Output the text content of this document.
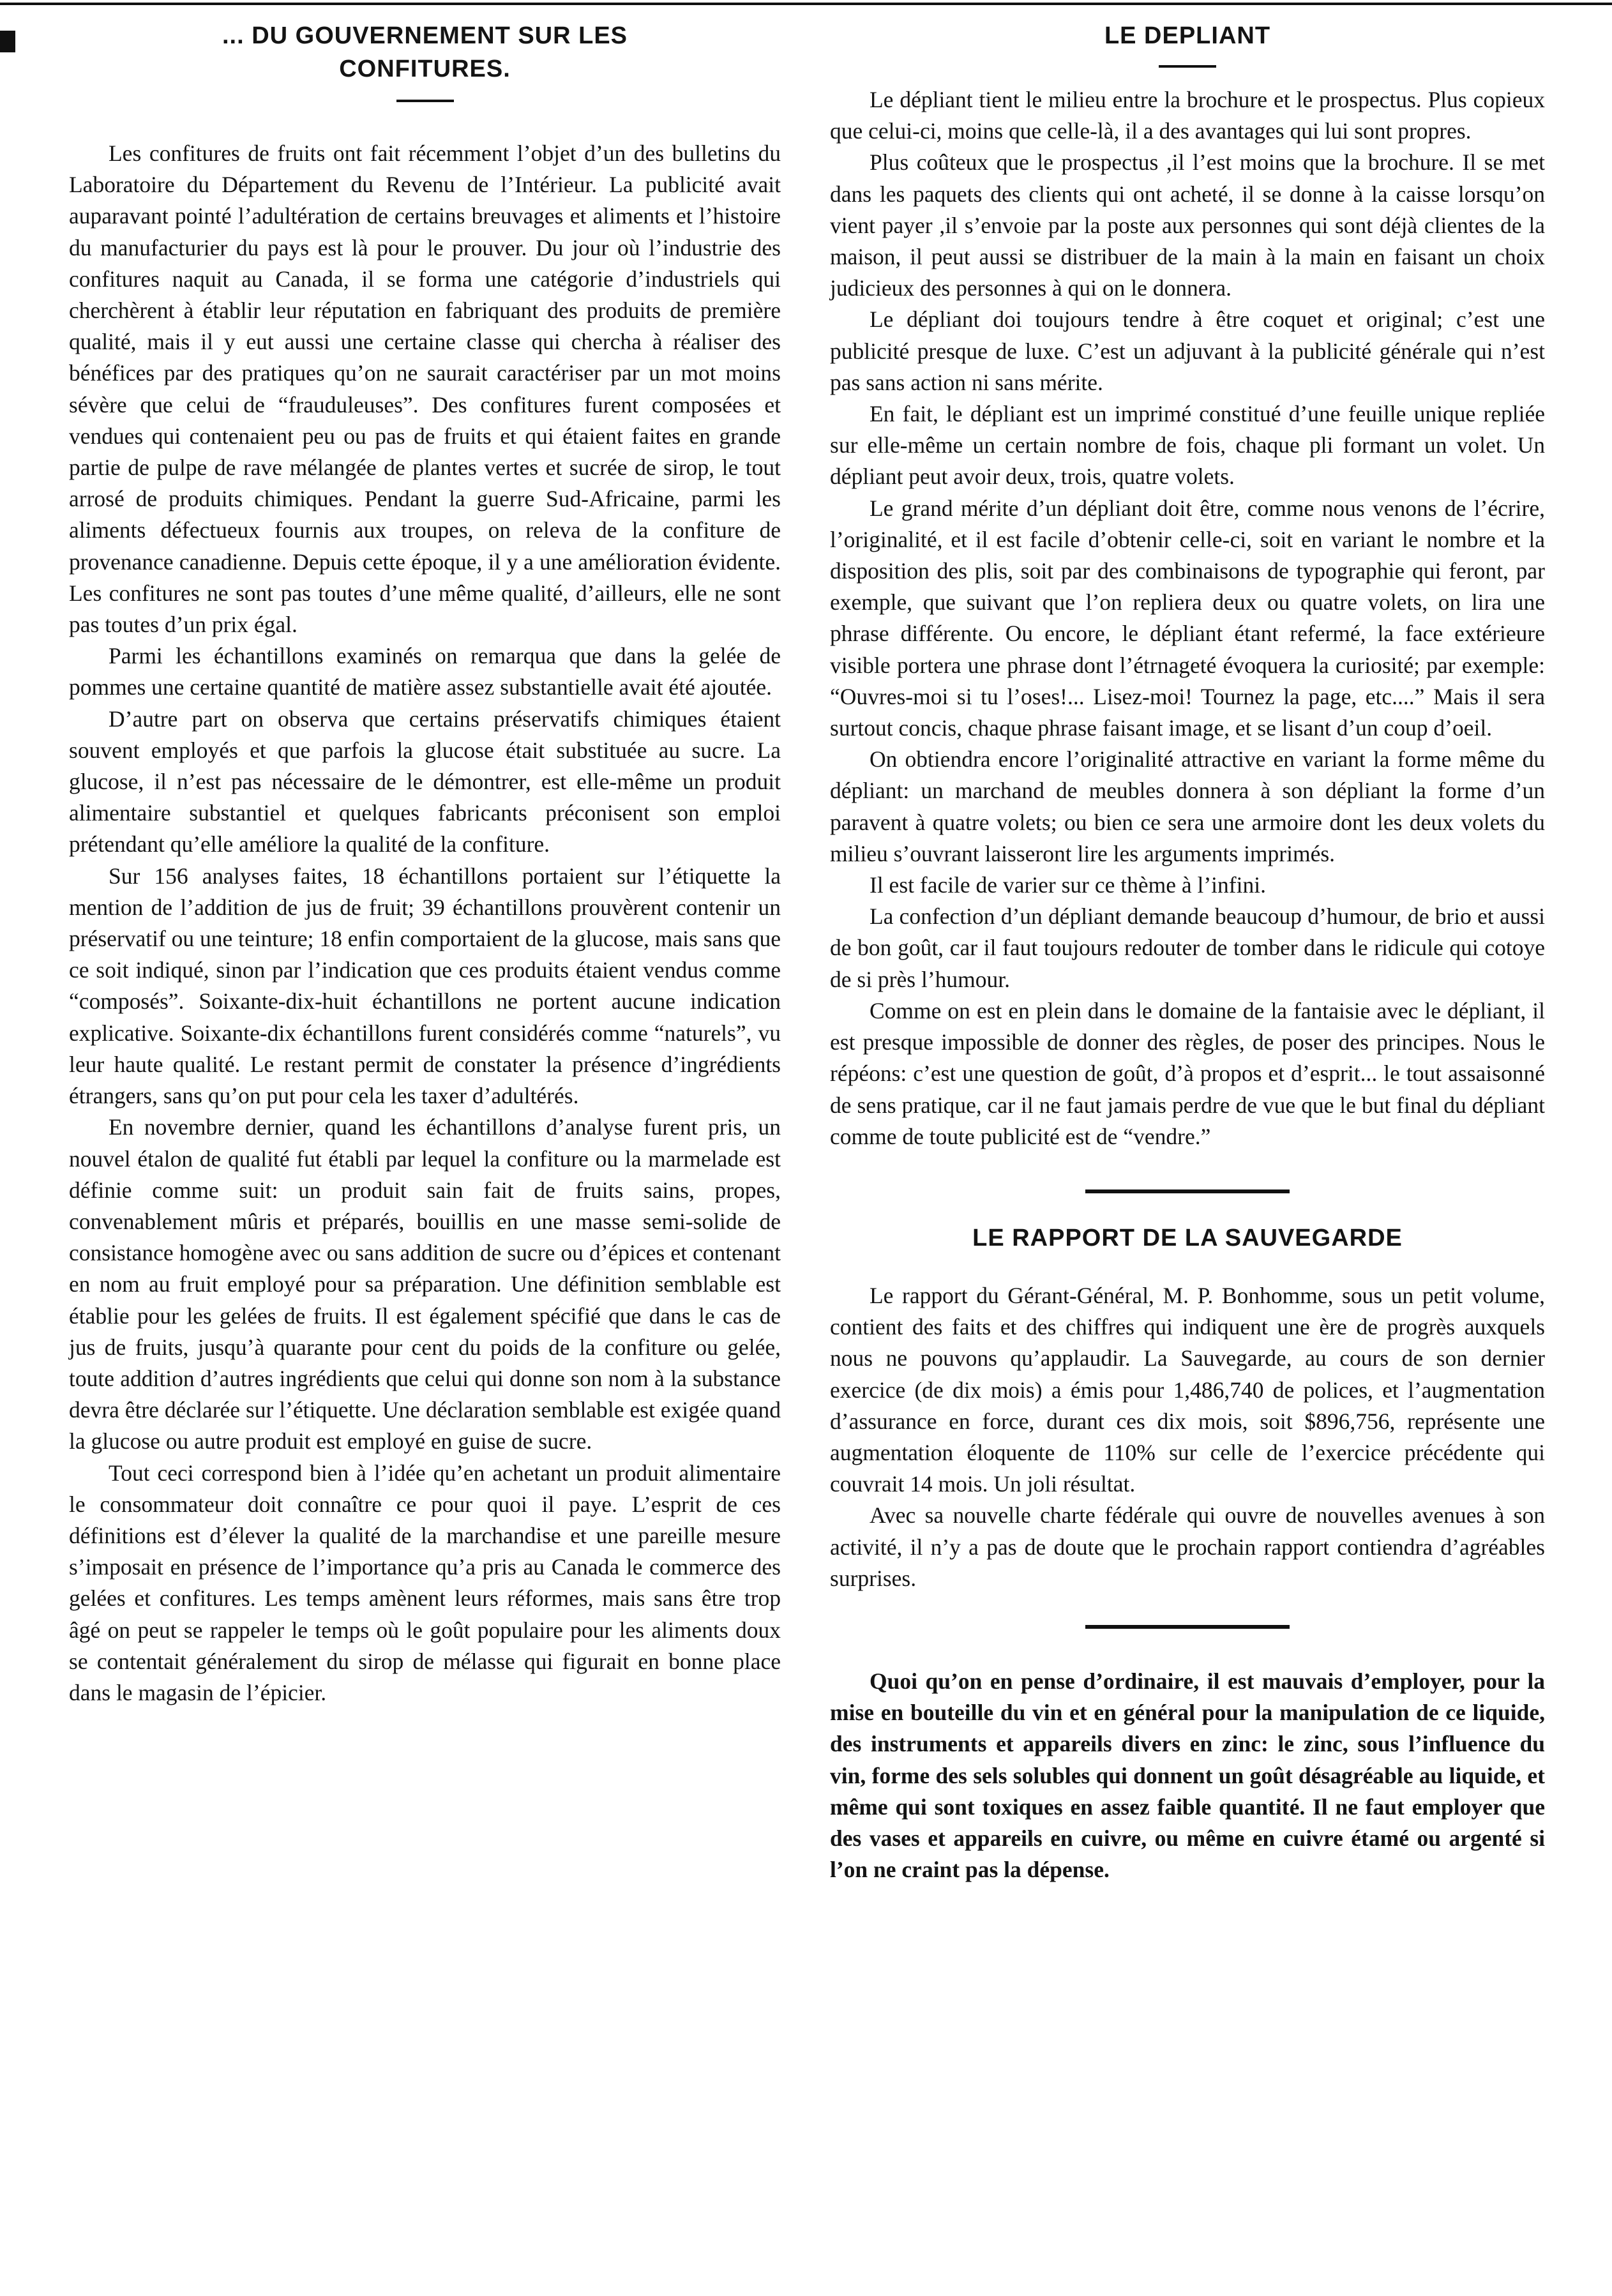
... DU GOUVERNEMENT SUR LES
CONFITURES.

Les confitures de fruits ont fait récemment l’objet d’un des bulletins du Laboratoire du Département du Revenu de l’Intérieur. La publicité avait auparavant pointé l’adultération de certains breuvages et aliments et l’histoire du manufacturier du pays est là pour le prouver. Du jour où l’industrie des confitures naquit au Canada, il se forma une catégorie d’industriels qui cherchèrent à établir leur réputation en fabriquant des produits de première qualité, mais il y eut aussi une certaine classe qui chercha à réaliser des bénéfices par des pratiques qu’on ne saurait caractériser par un mot moins sévère que celui de “frauduleuses”. Des confitures furent composées et vendues qui contenaient peu ou pas de fruits et qui étaient faites en grande partie de pulpe de rave mélangée de plantes vertes et sucrée de sirop, le tout arrosé de produits chimiques. Pendant la guerre Sud-Africaine, parmi les aliments défectueux fournis aux troupes, on releva de la confiture de provenance canadienne. Depuis cette époque, il y a une amélioration évidente. Les confitures ne sont pas toutes d’une même qualité, d’ailleurs, elle ne sont pas toutes d’un prix égal.

Parmi les échantillons examinés on remarqua que dans la gelée de pommes une certaine quantité de matière assez substantielle avait été ajoutée.

D’autre part on observa que certains préservatifs chimiques étaient souvent employés et que parfois la glucose était substituée au sucre. La glucose, il n’est pas nécessaire de le démontrer, est elle-même un produit alimentaire substantiel et quelques fabricants préconisent son emploi prétendant qu’elle améliore la qualité de la confiture.

Sur 156 analyses faites, 18 échantillons portaient sur l’étiquette la mention de l’addition de jus de fruit; 39 échantillons prouvèrent contenir un préservatif ou une teinture; 18 enfin comportaient de la glucose, mais sans que ce soit indiqué, sinon par l’indication que ces produits étaient vendus comme “composés”. Soixante-dix-huit échantillons ne portent aucune indication explicative. Soixante-dix échantillons furent considérés comme “naturels”, vu leur haute qualité. Le restant permit de constater la présence d’ingrédients étrangers, sans qu’on put pour cela les taxer d’adultérés.

En novembre dernier, quand les échantillons d’analyse furent pris, un nouvel étalon de qualité fut établi par lequel la confiture ou la marmelade est définie comme suit: un produit sain fait de fruits sains, propes, convenablement mûris et préparés, bouillis en une masse semi-solide de consistance homogène avec ou sans addition de sucre ou d’épices et contenant en nom au fruit employé pour sa préparation. Une définition semblable est établie pour les gelées de fruits. Il est également spécifié que dans le cas de jus de fruits, jusqu’à quarante pour cent du poids de la confiture ou gelée, toute addition d’autres ingrédients que celui qui donne son nom à la substance devra être déclarée sur l’étiquette. Une déclaration semblable est exigée quand la glucose ou autre produit est employé en guise de sucre.

Tout ceci correspond bien à l’idée qu’en achetant un produit alimentaire le consommateur doit connaître ce pour quoi il paye. L’esprit de ces définitions est d’élever la qualité de la marchandise et une pareille mesure s’imposait en présence de l’importance qu’a pris au Canada le commerce des gelées et confitures. Les temps amènent leurs réformes, mais sans être trop âgé on peut se rappeler le temps où le goût populaire pour les aliments doux se contentait généralement du sirop de mélasse qui figurait en bonne place dans le magasin de l’épicier.

LE DEPLIANT

Le dépliant tient le milieu entre la brochure et le prospectus. Plus copieux que celui-ci, moins que celle-là, il a des avantages qui lui sont propres.

Plus coûteux que le prospectus ,il l’est moins que la brochure. Il se met dans les paquets des clients qui ont acheté, il se donne à la caisse lorsqu’on vient payer ,il s’envoie par la poste aux personnes qui sont déjà clientes de la maison, il peut aussi se distribuer de la main à la main en faisant un choix judicieux des personnes à qui on le donnera.

Le dépliant doi toujours tendre à être coquet et original; c’est une publicité presque de luxe. C’est un adjuvant à la publicité générale qui n’est pas sans action ni sans mérite.

En fait, le dépliant est un imprimé constitué d’une feuille unique repliée sur elle-même un certain nombre de fois, chaque pli formant un volet. Un dépliant peut avoir deux, trois, quatre volets.

Le grand mérite d’un dépliant doit être, comme nous venons de l’écrire, l’originalité, et il est facile d’obtenir celle-ci, soit en variant le nombre et la disposition des plis, soit par des combinaisons de typographie qui feront, par exemple, que suivant que l’on repliera deux ou quatre volets, on lira une phrase différente. Ou encore, le dépliant étant refermé, la face extérieure visible portera une phrase dont l’étrnageté évoquera la curiosité; par exemple: “Ouvres-moi si tu l’oses!... Lisez-moi! Tournez la page, etc....” Mais il sera surtout concis, chaque phrase faisant image, et se lisant d’un coup d’oeil.

On obtiendra encore l’originalité attractive en variant la forme même du dépliant: un marchand de meubles donnera à son dépliant la forme d’un paravent à quatre volets; ou bien ce sera une armoire dont les deux volets du milieu s’ouvrant laisseront lire les arguments imprimés.

Il est facile de varier sur ce thème à l’infini.

La confection d’un dépliant demande beaucoup d’humour, de brio et aussi de bon goût, car il faut toujours redouter de tomber dans le ridicule qui cotoye de si près l’humour.

Comme on est en plein dans le domaine de la fantaisie avec le dépliant, il est presque impossible de donner des règles, de poser des principes. Nous le répéons: c’est une question de goût, d’à propos et d’esprit... le tout assaisonné de sens pratique, car il ne faut jamais perdre de vue que le but final du dépliant comme de toute publicité est de “vendre.”

LE RAPPORT DE LA SAUVEGARDE

Le rapport du Gérant-Général, M. P. Bonhomme, sous un petit volume, contient des faits et des chiffres qui indiquent une ère de progrès auxquels nous ne pouvons qu’applaudir. La Sauvegarde, au cours de son dernier exercice (de dix mois) a émis pour 1,486,740 de polices, et l’augmentation d’assurance en force, durant ces dix mois, soit $896,756, représente une augmentation éloquente de 110% sur celle de l’exercice précédente qui couvrait 14 mois. Un joli résultat.

Avec sa nouvelle charte fédérale qui ouvre de nouvelles avenues à son activité, il n’y a pas de doute que le prochain rapport contiendra d’agréables surprises.

Quoi qu’on en pense d’ordinaire, il est mauvais d’employer, pour la mise en bouteille du vin et en général pour la manipulation de ce liquide, des instruments et appareils divers en zinc: le zinc, sous l’influence du vin, forme des sels solubles qui donnent un goût désagréable au liquide, et même qui sont toxiques en assez faible quantité. Il ne faut employer que des vases et appareils en cuivre, ou même en cuivre étamé ou argenté si l’on ne craint pas la dépense.
